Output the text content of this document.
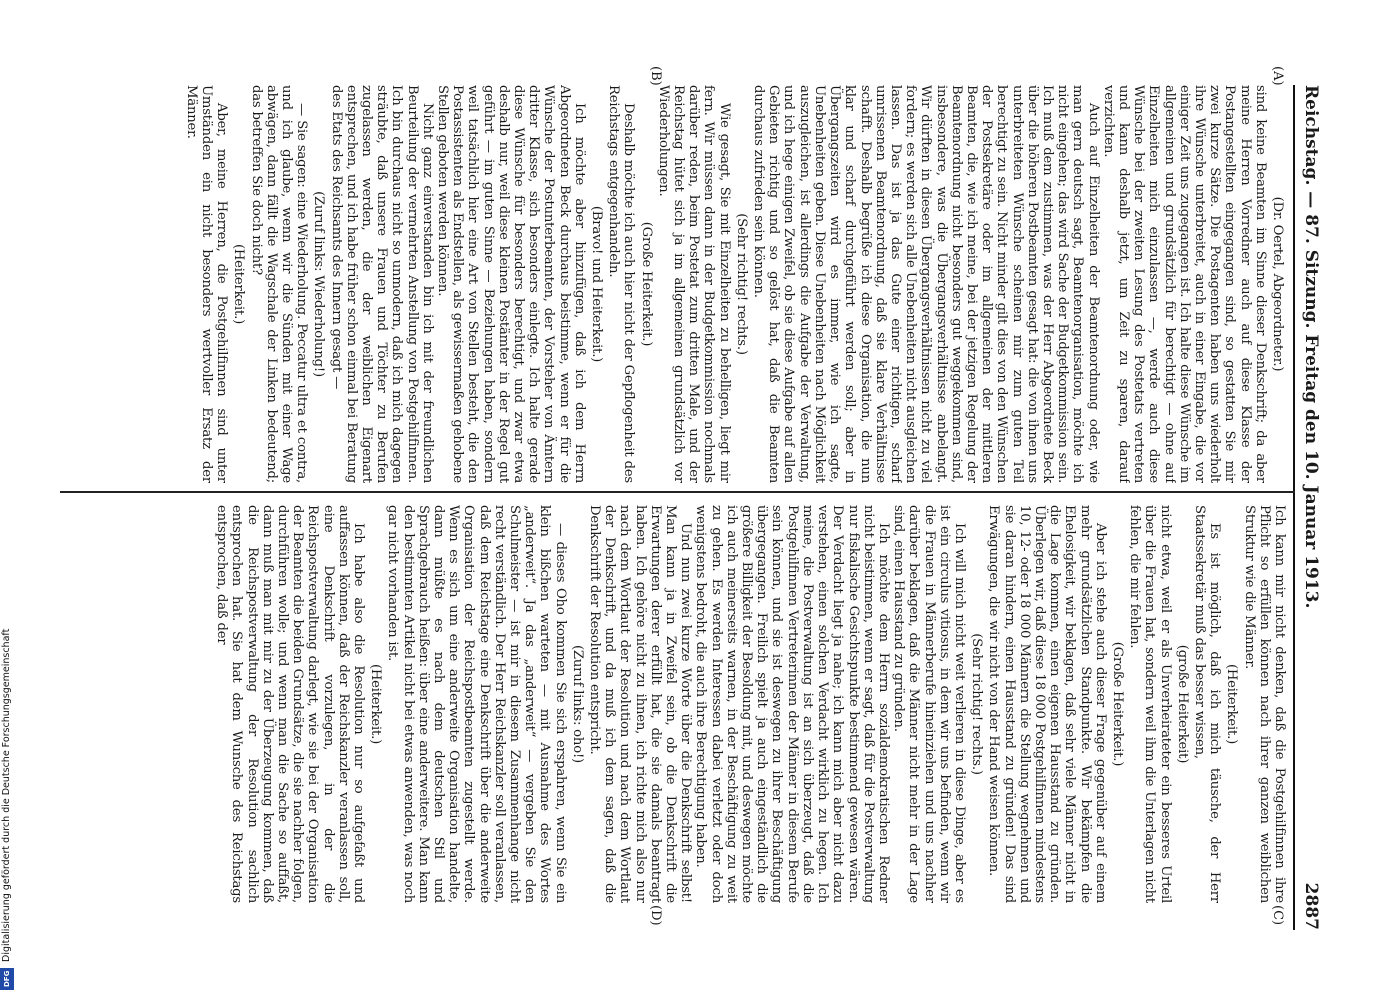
Reichstag. — 87. Sitzung. Freitag den 10. Januar 1913.
2887
(A)
(B)
(C)
(D)

(Dr. Oertel, Abgeordneter.)

sind keine Beamten im Sinne dieser Denkschrift; da aber meine Herren Vorredner auch auf diese Klasse der Postangestellten eingegangen sind, so gestatten Sie mir zwei kurze Sätze. Die Postagenten haben uns wiederholt ihre Wünsche unterbreitet, auch in einer Eingabe, die vor einiger Zeit uns zugegangen ist. Ich halte diese Wünsche im allgemeinen und grundsätzlich für berechtigt — ohne auf Einzelheiten mich einzulassen —, werde auch diese Wünsche bei der zweiten Lesung des Postetats vertreten und kann deshalb jetzt, um Zeit zu sparen, darauf verzichten.

Auch auf Einzelheiten der Beamtenordnung oder, wie man gern deutsch sagt, Beamtenorganisation, möchte ich nicht eingehen; das wird Sache der Budgetkommission sein. Ich muß dem zustimmen, was der Herr Abgeordnete Beck über die höheren Postbeamten gesagt hat: die von ihnen uns unterbreiteten Wünsche scheinen mir zum guten Teil berechtigt zu sein. Nicht minder gilt dies von den Wünschen der Postsekretäre oder im allgemeinen der mittleren Beamten, die, wie ich meine, bei der jetzigen Regelung der Beamtenordnung nicht besonders gut weggekommen sind, insbesondere, was die Übergangsverhältnisse anbelangt. Wir dürften in diesen Übergangsverhältnissen nicht zu viel fordern; es werden sich alle Unebenheiten nicht ausgleichen lassen. Das ist ja das Gute einer richtigen, scharf umrissenen Beamtenordnung, daß sie klare Verhältnisse schafft. Deshalb begrüße ich diese Organisation, die nun klar und scharf durchgeführt werden soll; aber in Übergangszeiten wird es immer, wie ich sagte, Unebenheiten geben. Diese Unebenheiten nach Möglichkeit auszugleichen, ist allerdings die Aufgabe der Verwaltung, und ich hege einigen Zweifel, ob sie diese Aufgabe auf allen Gebieten richtig und so gelöst hat, daß die Beamten durchaus zufrieden sein können.

(Sehr richtig! rechts.)

Wie gesagt, Sie mit Einzelheiten zu behelligen, liegt mir fern. Wir müssen dann in der Budgetkommission nochmals darüber reden, beim Postetat zum dritten Male, und der Reichstag hütet sich ja im allgemeinen grundsätzlich vor Wiederholungen.

(Große Heiterkeit.)

Deshalb möchte ich auch hier nicht der Gepflogenheit des Reichstags entgegenhandeln.

(Bravo! und Heiterkeit.)

Ich möchte aber hinzufügen, daß ich dem Herrn Abgeordneten Beck durchaus beistimme, wenn er für die Wünsche der Postunterbeamten, der Vorsteher von Ämtern dritter Klasse, sich besonders einlegte. Ich halte gerade diese Wünsche für besonders berechtigt, und zwar etwa deshalb nur, weil diese kleinen Postämter in der Regel gut geführt — im guten Sinne — Beziehungen haben, sondern weil tatsächlich hier eine Art von Stellen besteht, die den Postassistenten als Endstellen, als gewissermaßen gehobene Stellen geboten werden können.

Nicht ganz einverstanden bin ich mit der freundlichen Beurteilung der vermehrten Anstellung von Postgehilfinnen. Ich bin durchaus nicht so unmodern, daß ich mich dagegen sträubte, daß unsere Frauen und Töchter zu Berufen zugelassen werden, die der weiblichen Eigenart entsprechen, und ich habe früher schon einmal bei Beratung des Etats des Reichsamts des Innern gesagt —

(Zuruf links: Wiederholung!)

— Sie sagen: eine Wiederholung. Peccatur ultra et contra, und ich glaube, wenn wir die Sünden mit einer Wage abwägen, dann fällt die Wagschale der Linken bedeutend; das betreffen Sie doch nicht?

(Heiterkeit.)

Aber, meine Herren, die Postgehilfinnen sind unter Umständen ein nicht besonders wertvoller Ersatz der Männer.

Ich kann mir nicht denken, daß die Postgehilfinnen ihre Pflicht so erfüllen können nach ihrer ganzen weiblichen Struktur wie die Männer.

(Heiterkeit.)

Es ist möglich, daß ich mich täusche, der Herr Staatssekretär muß das besser wissen,

(große Heiterkeit)

nicht etwa, weil er als Unverheirateter ein besseres Urteil über die Frauen hat, sondern weil ihm die Unterlagen nicht fehlen, die mir fehlen.

(Große Heiterkeit.)

Aber ich stehe auch dieser Frage gegenüber auf einem mehr grundsätzlichen Standpunkte. Wir bekämpfen die Ehelosigkeit, wir beklagen, daß sehr viele Männer nicht in die Lage kommen, einen eigenen Hausstand zu gründen. Überlegen wir, daß diese 18 000 Postgehilfinnen mindestens 10, 12- oder 18 000 Männern die Stellung wegnehmen und sie daran hindern, einen Hausstand zu gründen! Das sind Erwägungen, die wir nicht von der Hand weisen können.

(Sehr richtig! rechts.)

Ich will mich nicht weit verlieren in diese Dinge, aber es ist ein circulus vitiosus, in dem wir uns befinden, wenn wir die Frauen in Männerberufe hineinziehen und uns nachher darüber beklagen, daß die Männer nicht mehr in der Lage sind, einen Hausstand zu gründen.

Ich möchte dem Herrn sozialdemokratischen Redner nicht beistimmen, wenn er sagt, daß für die Postverwaltung nur fiskalische Gesichtspunkte bestimmend gewesen wären. Der Verdacht liegt ja nahe; ich kann mich aber nicht dazu verstehen, einen solchen Verdacht wirklich zu hegen. Ich meine, die Postverwaltung ist an sich überzeugt, daß die Postgehilfinnen Vertreterinnen der Männer in diesem Berufe sein können, und sie ist deswegen zu ihrer Beschäftigung übergegangen. Freilich spielt ja auch eingeständlich die größere Billigkeit der Besoldung mit, und deswegen möchte ich auch meinerseits warnen, in der Beschäftigung zu weit zu gehen. Es werden Interessen dabei verletzt oder doch wenigstens bedroht, die auch ihre Berechtigung haben.

Und nun zwei kurze Worte über die Denkschrift selbst! Man kann ja in Zweifel sein, ob die Denkschrift die Erwartungen derer erfüllt hat, die sie damals beantragt haben. Ich gehöre nicht zu ihnen, ich richte mich also nur nach dem Wortlaut der Resolution und nach dem Wortlaut der Denkschrift, und da muß ich dem sagen, daß die Denkschrift der Resolution entspricht.

(Zuruf links: oho!)

— dieses Oho kommen Sie sich erspahren, wenn Sie ein klein bißchen warteten — mit Ausnahme des Wortes „anderweit“. Ja das „anderweit“ — vergeben Sie den Schulmeister — ist mir in diesem Zusammenhange nicht recht verständlich. Der Herr Reichskanzler soll veranlassen, daß dem Reichstage eine Denkschrift über die anderweite Organisation der Reichspostbeamten zugestellt werde. Wenn es sich um eine anderweite Organisation handelte, dann müßte es nach dem deutschen Stil und Sprachgebrauch heißen: über eine anderweitere. Man kann den bestimmten Artikel nicht bei etwas anwenden, was noch gar nicht vorhanden ist.

(Heiterkeit.)

Ich habe also die Resolution nur so aufgefaßt und auffassen können, daß der Reichskanzler veranlassen soll, eine Denkschrift vorzulegen, in der die Reichspostverwaltung darlegt, wie sie bei der Organisation der Beamten die beiden Grundsätze, die sie nachher folgen, durchführen wolle; und wenn man die Sache so auffaßt, dann muß man mit mir zu der Überzeugung kommen, daß die Reichspostverwaltung der Resolution sachlich entsprochen hat. Sie hat dem Wunsche des Reichstags entsprochen, daß der

Digitalisierung gefördert durch die Deutsche Forschungsgemeinschaft
DFG
